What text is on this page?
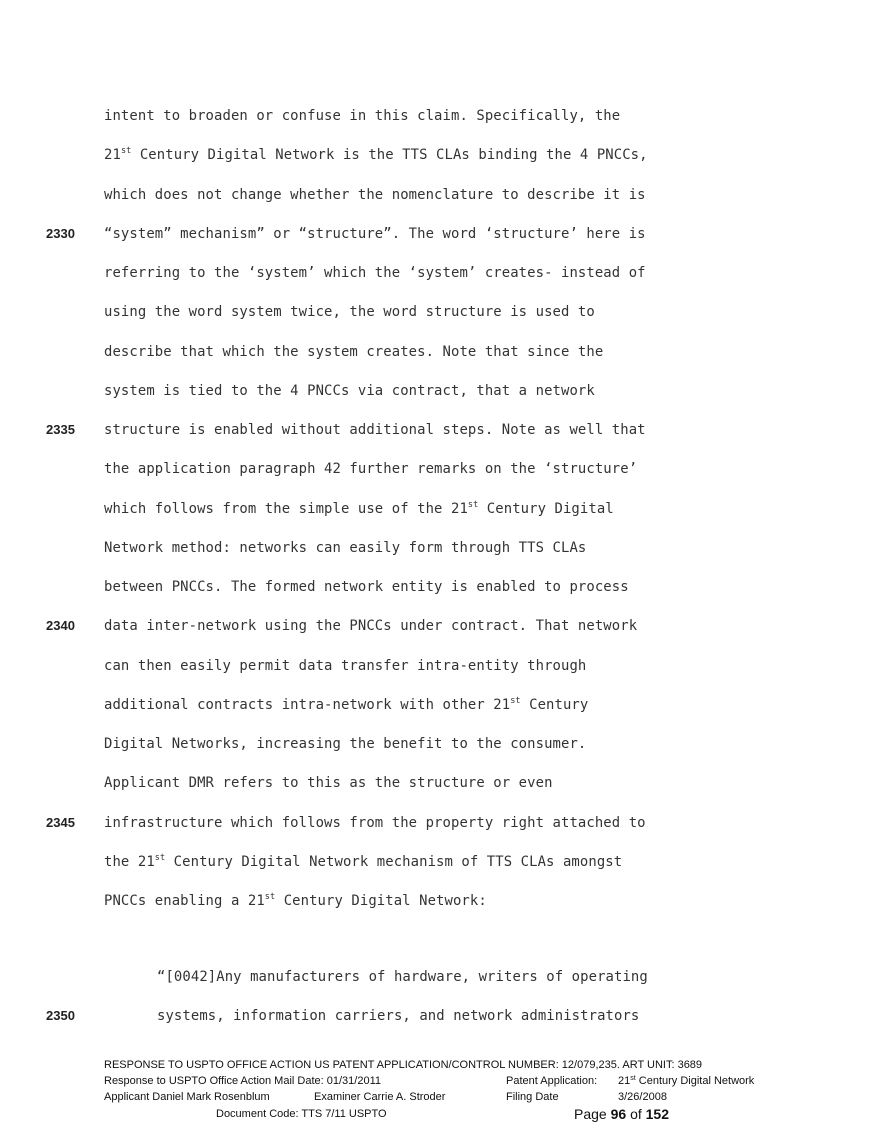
intent to broaden or confuse in this claim. Specifically, the
21st Century Digital Network is the TTS CLAs binding the 4 PNCCs,
which does not change whether the nomenclature to describe it is
“system” mechanism” or “structure”. The word ‘structure’ here is
2330
referring to the ‘system’ which the ‘system’ creates- instead of
using the word system twice, the word structure is used to
describe that which the system creates. Note that since the
system is tied to the 4 PNCCs via contract, that a network
structure is enabled without additional steps. Note as well that
2335
the application paragraph 42 further remarks on the ‘structure’
which follows from the simple use of the 21st Century Digital
Network method: networks can easily form through TTS CLAs
between PNCCs. The formed network entity is enabled to process
data inter-network using the PNCCs under contract. That network
2340
can then easily permit data transfer intra-entity through
additional contracts intra-network with other 21st Century
Digital Networks, increasing the benefit to the consumer.
Applicant DMR refers to this as the structure or even
infrastructure which follows from the property right attached to
2345
the 21st Century Digital Network mechanism of TTS CLAs amongst
PNCCs enabling a 21st Century Digital Network:
“[0042]Any manufacturers of hardware, writers of operating
systems, information carriers, and network administrators
2350
RESPONSE TO USPTO OFFICE ACTION US PATENT APPLICATION/CONTROL NUMBER: 12/079,235. ART UNIT: 3689
Response to USPTO Office Action Mail Date: 01/31/2011	Patent Application: 21st Century Digital Network
Applicant Daniel Mark Rosenblum	Examiner Carrie A. Stroder	Filing Date	3/26/2008
Document Code: TTS 7/11 USPTO	Page 96 of 152
